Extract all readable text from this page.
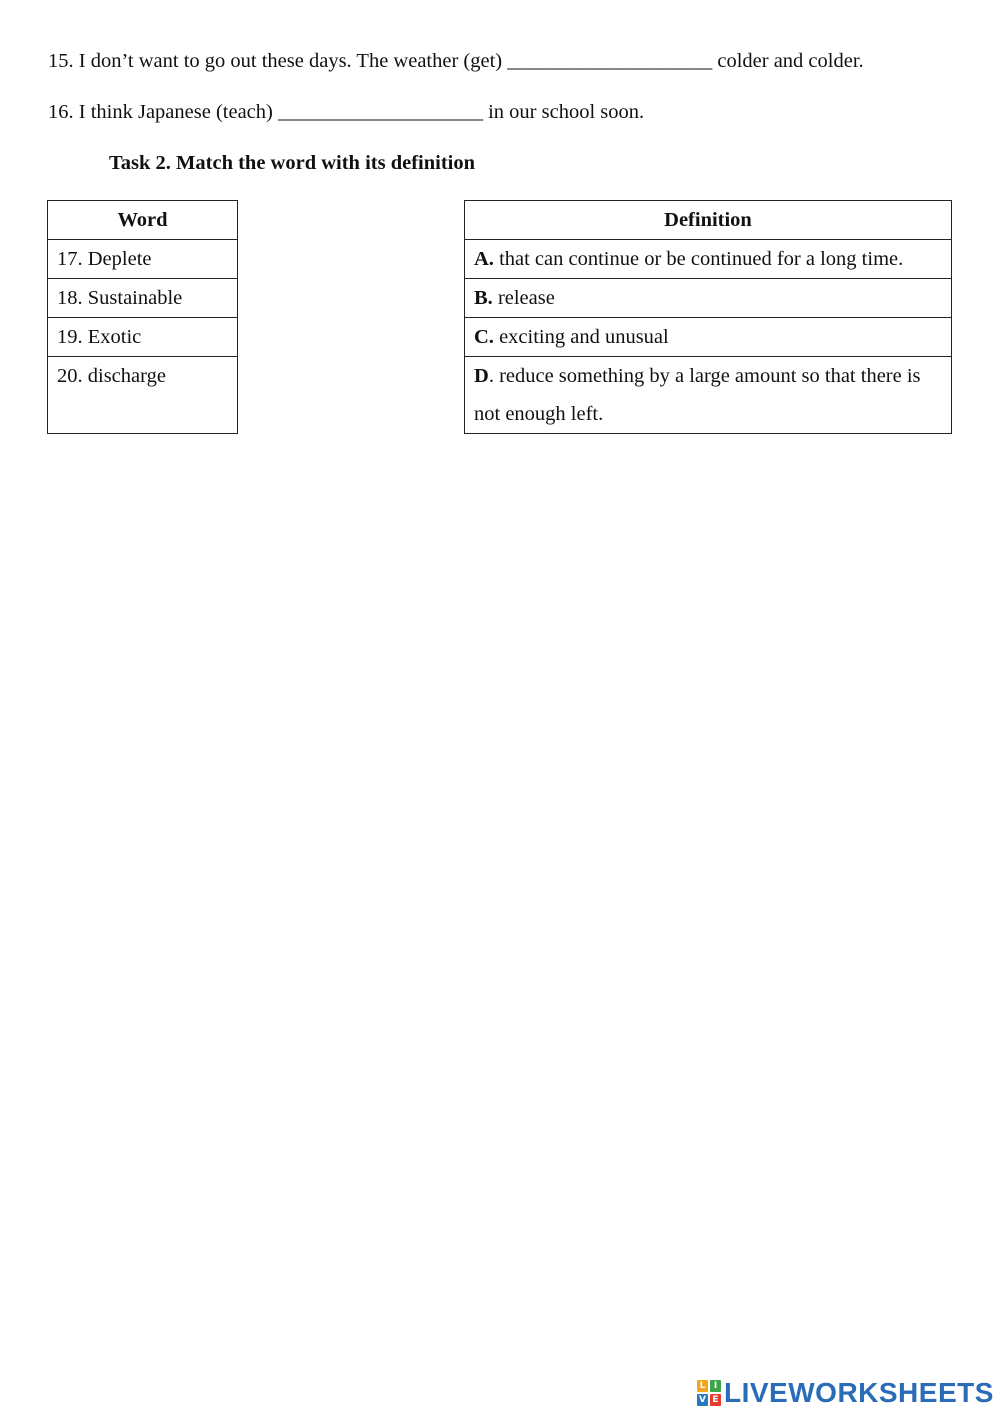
15. I don’t want to go out these days. The weather (get) ____________________ colder and colder.
16. I think Japanese (teach) ____________________ in our school soon.
Task 2. Match the word with its definition
Word
17. Deplete
18. Sustainable
19. Exotic
20. discharge
Definition
A. that can continue or be continued for a long time.
B. release
C. exciting and unusual
D. reduce something by a large amount so that there is not enough left.
L I
V E LIVEWORKSHEETS
